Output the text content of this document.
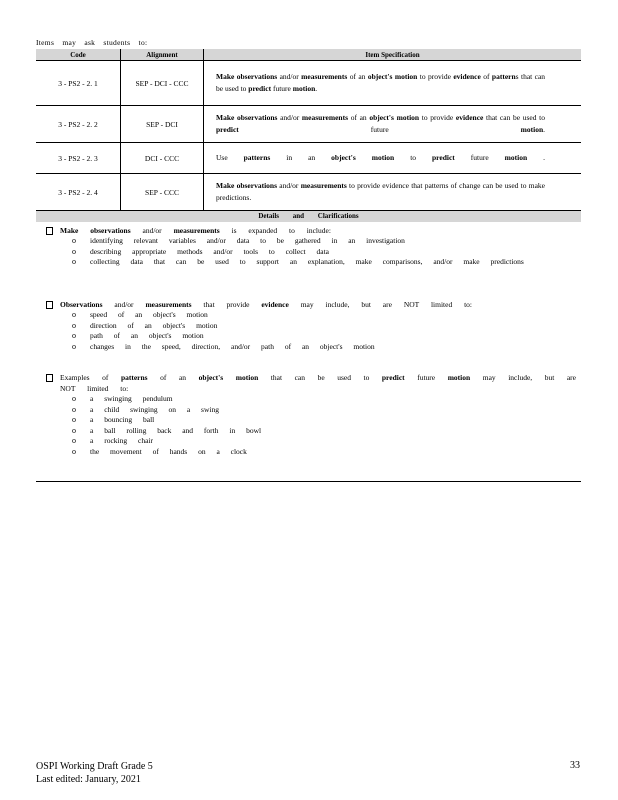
Items may ask students to:
Code	Alignment	Item Specification
3 - PS2 - 2. 1	SEP - DCI - CCC	Make observations and/or measurements of an object's motion to provide evidence of patterns that can be used to predict future motion.
3 - PS2 - 2. 2	SEP - DCI	Make observations and/or measurements of an object's motion to provide evidence that can be used to predict future motion.
3 - PS2 - 2. 3	DCI - CCC	Use patterns in an object's motion to predict future motion .
3 - PS2 - 2. 4	SEP - CCC	Make observations and/or measurements to provide evidence that patterns of change can be used to make predictions.
Details and Clarifications
Make observations and/or measurements is expanded to include:
o identifying relevant variables and/or data to be gathered in an investigation
o describing appropriate methods and/or tools to collect data
o collecting data that can be used to support an explanation, make comparisons, and/or make predictions
Observations and/or measurements that provide evidence may include, but are NOT limited to:
o speed of an object's motion
o direction of an object's motion
o path of an object's motion
o changes in the speed, direction, and/or path of an object's motion
Examples of patterns of an object's motion that can be used to predict future motion may include, but are NOT limited to:
o a swinging pendulum
o a child swinging on a swing
o a bouncing ball
o a ball rolling back and forth in bowl
o a rocking chair
o the movement of hands on a clock
OSPI Working Draft Grade 5
Last edited: January, 2021
33
